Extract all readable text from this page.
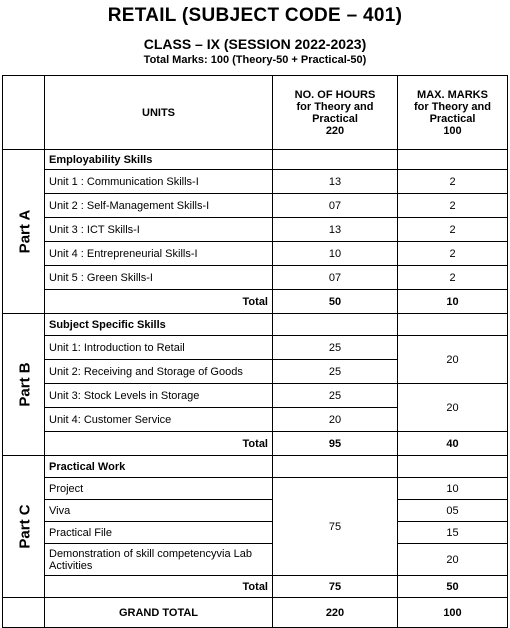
RETAIL (SUBJECT CODE – 401)
CLASS – IX (SESSION 2022-2023)
Total Marks: 100 (Theory-50 + Practical-50)
	UNITS	NO. OF HOURS
for Theory and
Practical
220	MAX. MARKS
for Theory and
Practical
100
Part A	Employability Skills		
	Unit 1 : Communication Skills-I	13	2
	Unit 2 : Self-Management Skills-I	07	2
	Unit 3 : ICT Skills-I	13	2
	Unit 4 : Entrepreneurial Skills-I	10	2
	Unit 5 : Green Skills-I	07	2
	Total	50	10
Part B	Subject Specific Skills		
	Unit 1: Introduction to Retail	25	20
	Unit 2: Receiving and Storage of Goods	25	
	Unit 3: Stock Levels in Storage	25	20
	Unit 4: Customer Service	20	
	Total	95	40
Part C	Practical Work		
	Project	75	10
	Viva		05
	Practical File		15
	Demonstration of skill competencyvia Lab Activities		20
	Total	75	50
	GRAND TOTAL	220	100
